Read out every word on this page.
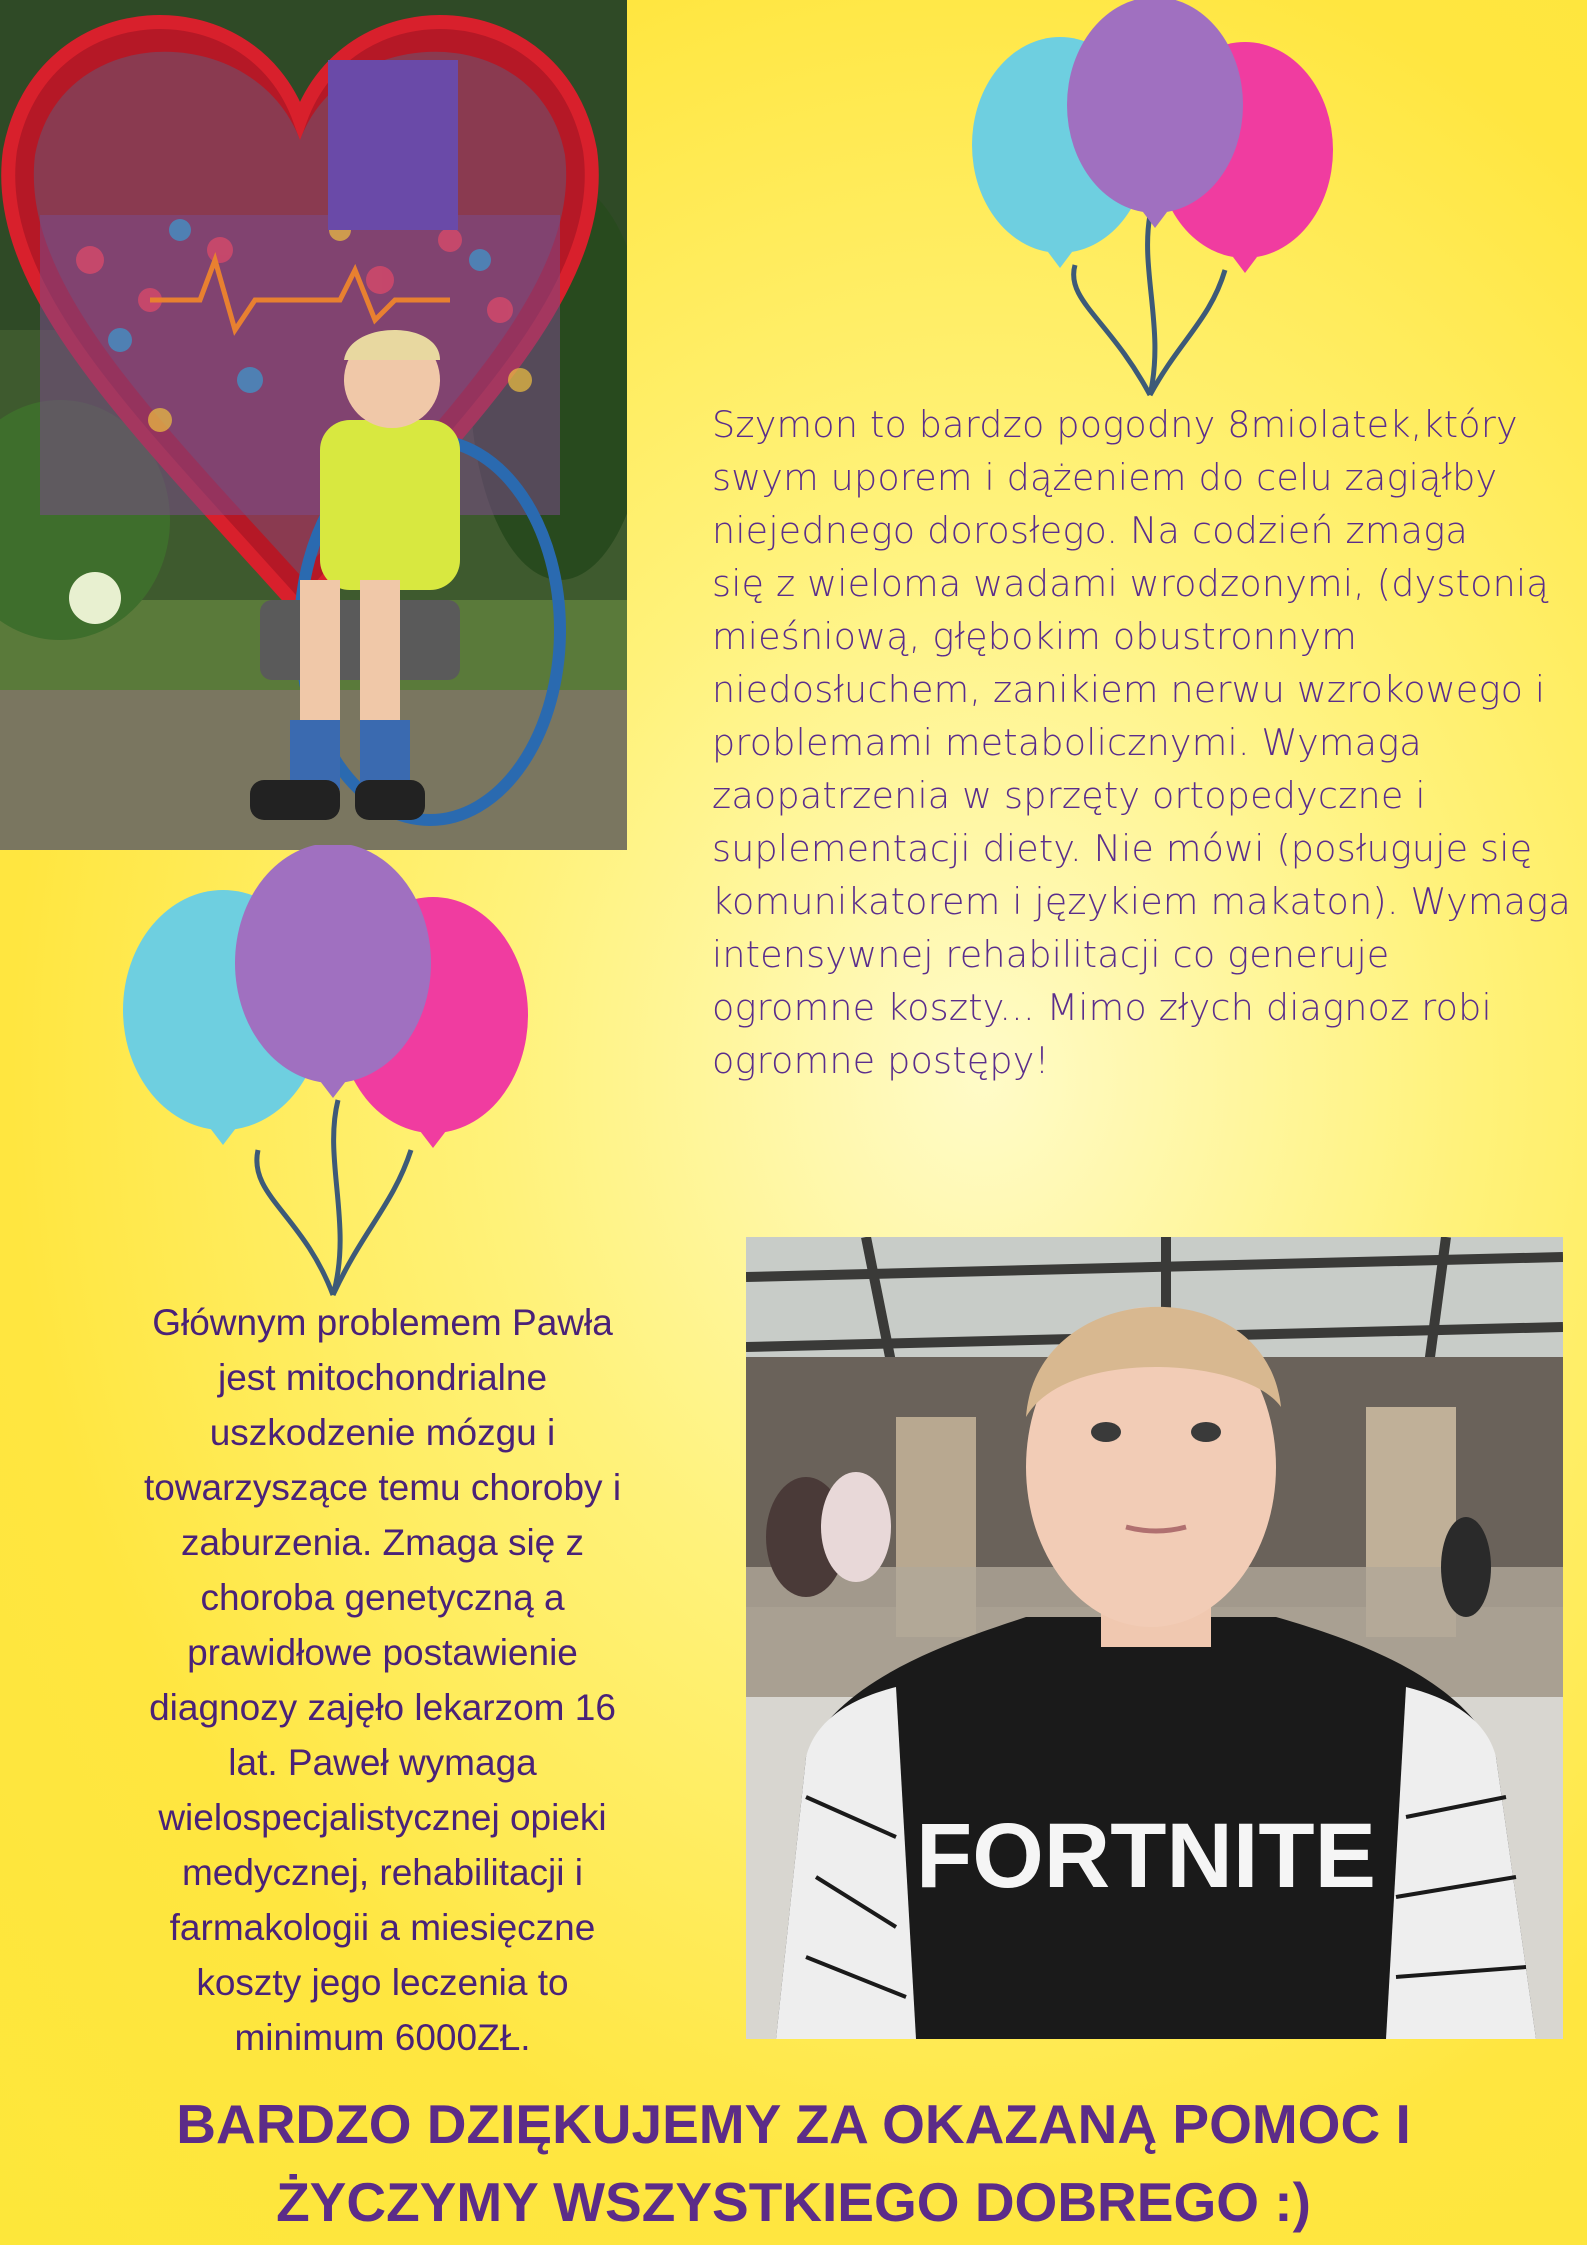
Szymon to bardzo pogodny 8miolatek,który
swym uporem i dążeniem do celu zagiąłby
niejednego dorosłego. Na codzień zmaga
się z wieloma wadami wrodzonymi, (dystonią
mieśniową, głębokim obustronnym
niedosłuchem, zanikiem nerwu wzrokowego i
problemami metabolicznymi. Wymaga
zaopatrzenia w sprzęty ortopedyczne i
suplementacji diety. Nie mówi (posługuje się
komunikatorem i językiem makaton). Wymaga
intensywnej rehabilitacji co generuje
ogromne koszty... Mimo złych diagnoz robi
ogromne postępy!
Głównym problemem Pawła
jest mitochondrialne
uszkodzenie mózgu i
towarzyszące temu choroby i
zaburzenia. Zmaga się z
choroba genetyczną a
prawidłowe postawienie
diagnozy zajęło lekarzom 16
lat. Paweł wymaga
wielospecjalistycznej opieki
medycznej, rehabilitacji i
farmakologii a miesięczne
koszty jego leczenia to
minimum 6000ZŁ.
FORTNITE
BARDZO DZIĘKUJEMY ZA OKAZANĄ POMOC I
ŻYCZYMY WSZYSTKIEGO DOBREGO :)
